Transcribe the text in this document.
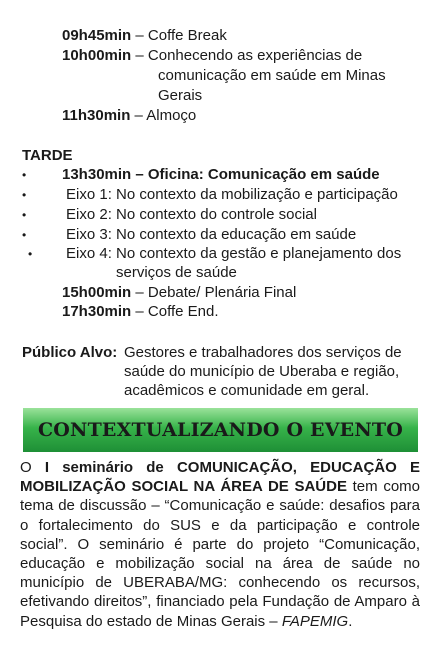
09h45min – Coffe Break
10h00min – Conhecendo as experiências de
comunicação em saúde em Minas
Gerais
11h30min – Almoço
TARDE
• 13h30min – Oficina: Comunicação em saúde
•	Eixo 1: No contexto da mobilização e participação
•	Eixo 2: No contexto do controle social
•	Eixo 3: No contexto da educação em saúde
• Eixo 4: No contexto da gestão e planejamento dos
serviços de saúde
15h00min – Debate/ Plenária Final
17h30min – Coffe End.
Público Alvo: Gestores e trabalhadores dos serviços de
saúde do município de Uberaba e região,
acadêmicos e comunidade em geral.
CONTEXTUALIZANDO O EVENTO
O I seminário de COMUNICAÇÃO, EDUCAÇÃO E MOBILIZAÇÃO SOCIAL NA ÁREA DE SAÚDE tem como tema de discussão – “Comunicação e saúde: desafios para o fortalecimento do SUS e da participação e controle social”. O seminário é parte do projeto “Comunicação, educação e mobilização social na área de saúde no município de UBERABA/MG: conhecendo os recursos, efetivando direitos”, financiado pela Fundação de Amparo à Pesquisa do estado de Minas Gerais – FAPEMIG.
